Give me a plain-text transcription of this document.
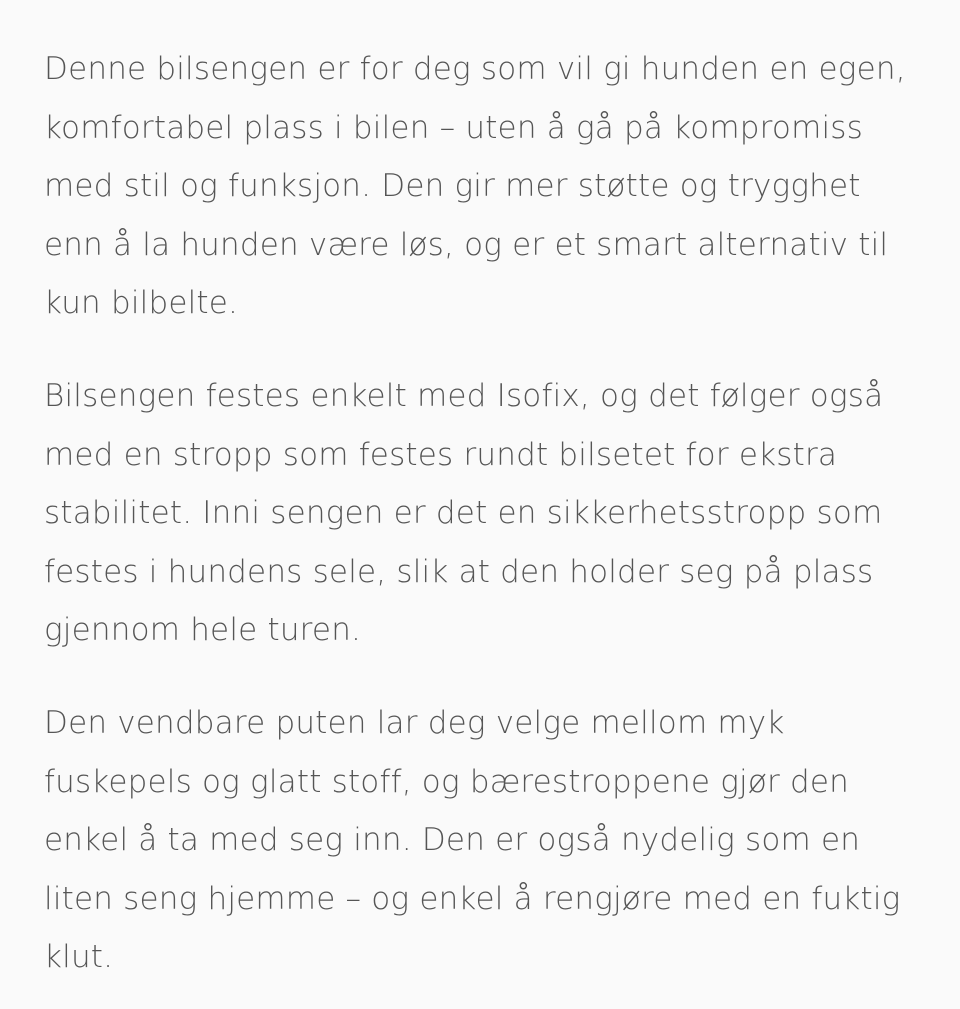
Denne bilsengen er for deg som vil gi hunden en egen,
komfortabel plass i bilen – uten å gå på kompromiss
med stil og funksjon. Den gir mer støtte og trygghet
enn å la hunden være løs, og er et smart alternativ til
kun bilbelte.

Bilsengen festes enkelt med Isofix, og det følger også
med en stropp som festes rundt bilsetet for ekstra
stabilitet. Inni sengen er det en sikkerhetsstropp som
festes i hundens sele, slik at den holder seg på plass
gjennom hele turen.

Den vendbare puten lar deg velge mellom myk
fuskepels og glatt stoff, og bærestroppene gjør den
enkel å ta med seg inn. Den er også nydelig som en
liten seng hjemme – og enkel å rengjøre med en fuktig
klut.
